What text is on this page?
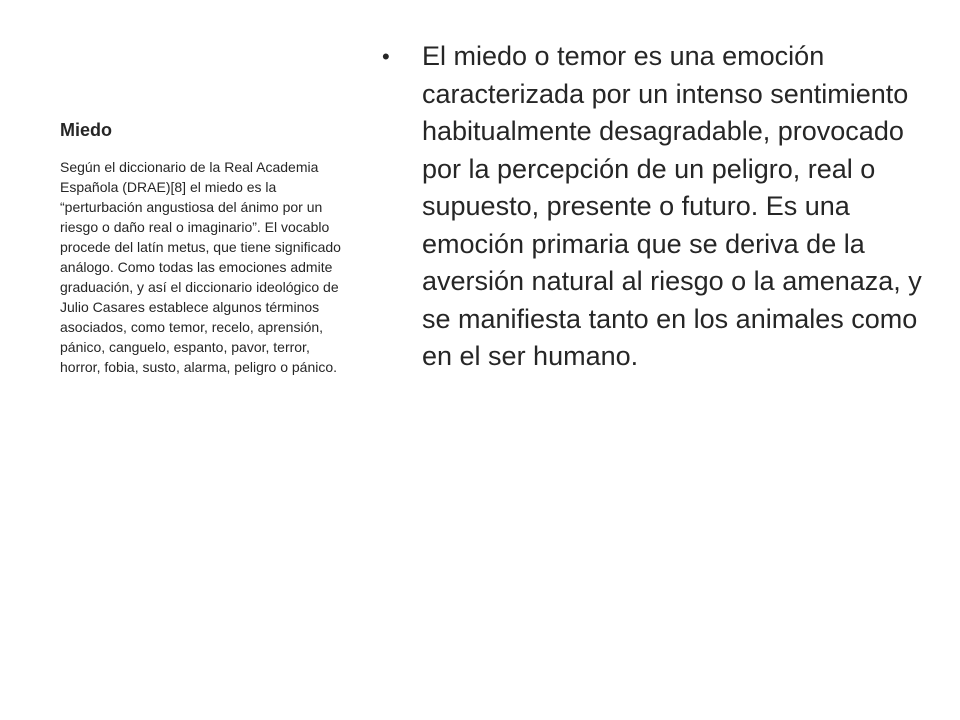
Miedo

Según el diccionario de la Real Academia Española (DRAE)[8] el miedo es la “perturbación angustiosa del ánimo por un riesgo o daño real o imaginario”. El vocablo procede del latín metus, que tiene significado análogo. Como todas las emociones admite graduación, y así el diccionario ideológico de Julio Casares establece algunos términos asociados, como temor, recelo, aprensión, pánico, canguelo, espanto, pavor, terror, horror, fobia, susto, alarma, peligro o pánico.

• El miedo o temor es una emoción caracterizada por un intenso sentimiento habitualmente desagradable, provocado por la percepción de un peligro, real o supuesto, presente o futuro. Es una emoción primaria que se deriva de la aversión natural al riesgo o la amenaza, y se manifiesta tanto en los animales como en el ser humano.
